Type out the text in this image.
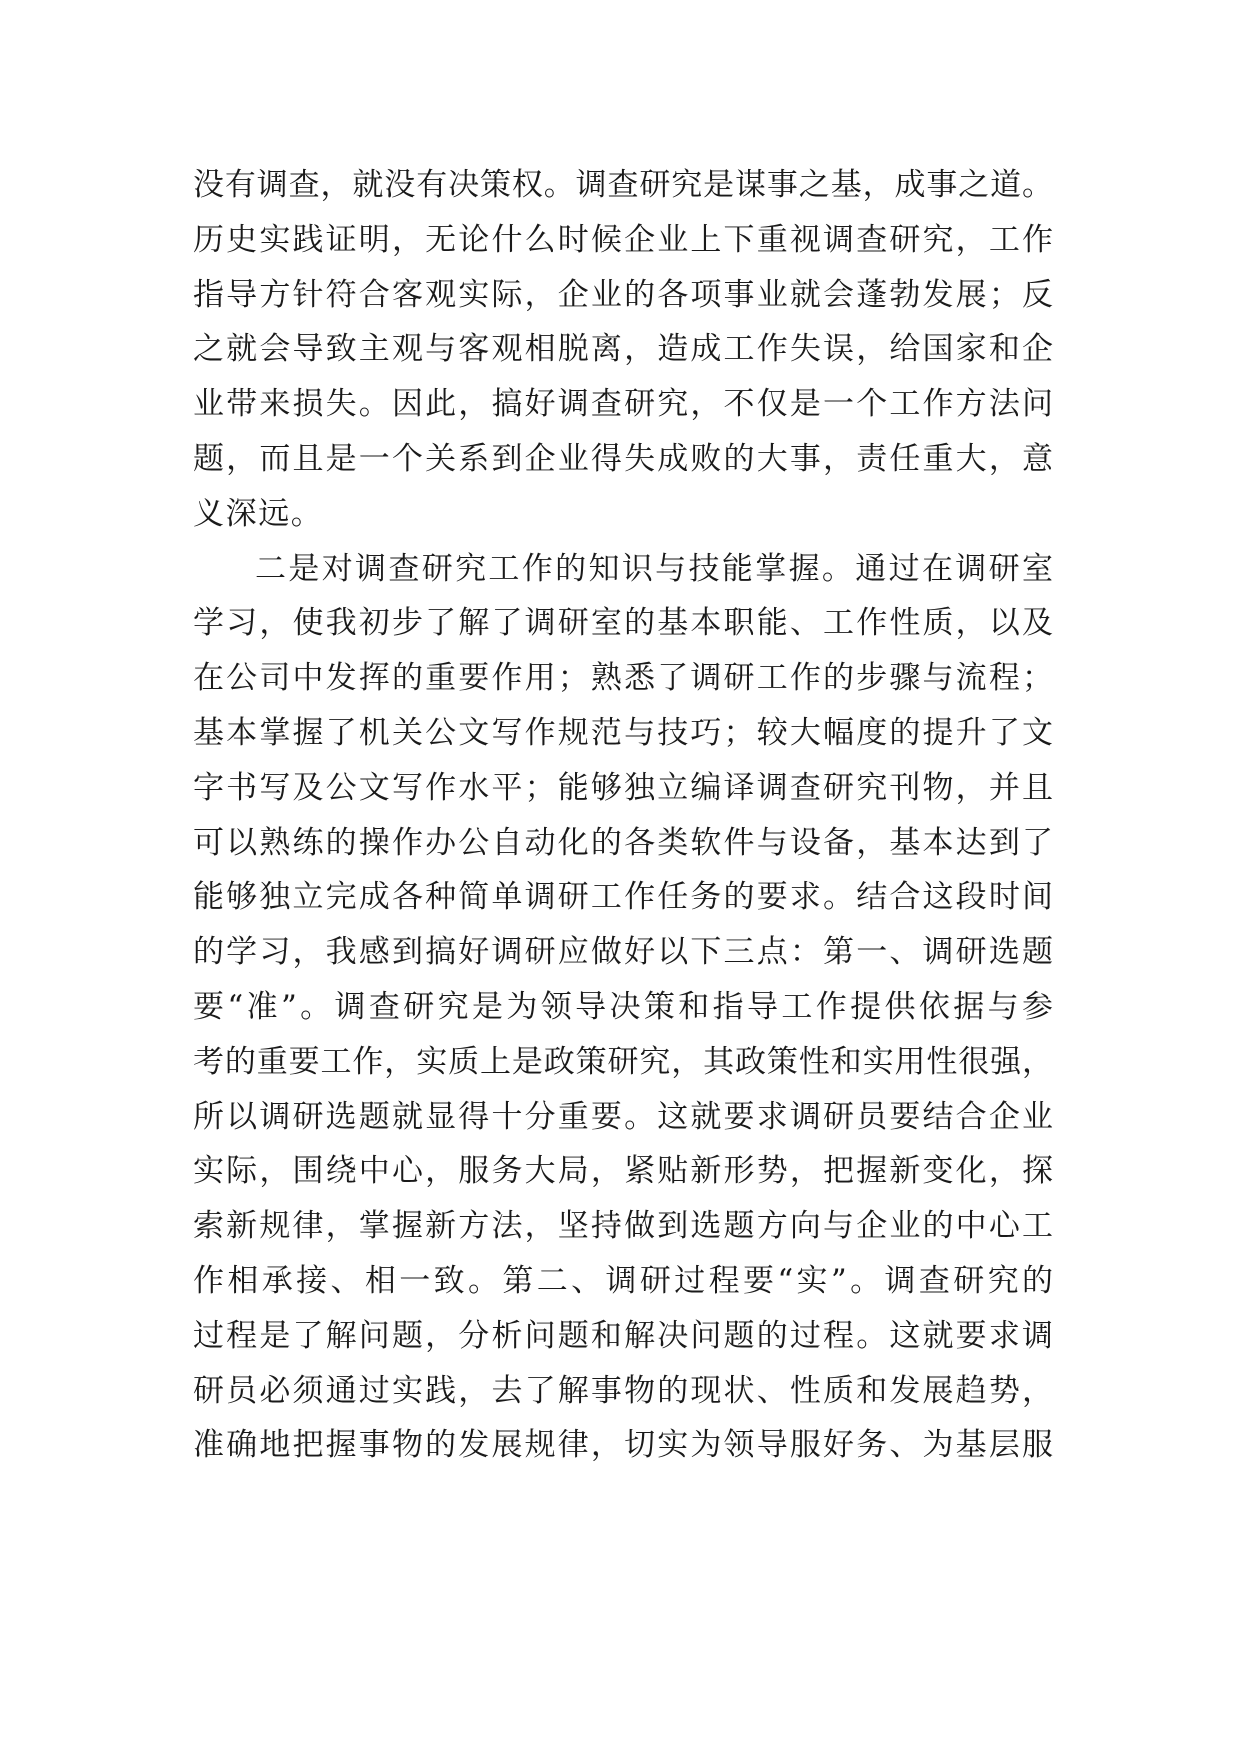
没有调查，就没有决策权。调查研究是谋事之基，成事之道。
历史实践证明，无论什么时候企业上下重视调查研究，工作
指导方针符合客观实际，企业的各项事业就会蓬勃发展；反
之就会导致主观与客观相脱离，造成工作失误，给国家和企
业带来损失。因此，搞好调查研究，不仅是一个工作方法问
题，而且是一个关系到企业得失成败的大事，责任重大，意
义深远。
二是对调查研究工作的知识与技能掌握。通过在调研室
学习，使我初步了解了调研室的基本职能、工作性质，以及
在公司中发挥的重要作用；熟悉了调研工作的步骤与流程；
基本掌握了机关公文写作规范与技巧；较大幅度的提升了文
字书写及公文写作水平；能够独立编译调查研究刊物，并且
可以熟练的操作办公自动化的各类软件与设备，基本达到了
能够独立完成各种简单调研工作任务的要求。结合这段时间
的学习，我感到搞好调研应做好以下三点：第一、调研选题
要“准”。调查研究是为领导决策和指导工作提供依据与参
考的重要工作，实质上是政策研究，其政策性和实用性很强，
所以调研选题就显得十分重要。这就要求调研员要结合企业
实际，围绕中心，服务大局，紧贴新形势，把握新变化，探
索新规律，掌握新方法，坚持做到选题方向与企业的中心工
作相承接、相一致。第二、调研过程要“实”。调查研究的
过程是了解问题，分析问题和解决问题的过程。这就要求调
研员必须通过实践，去了解事物的现状、性质和发展趋势，
准确地把握事物的发展规律，切实为领导服好务、为基层服
